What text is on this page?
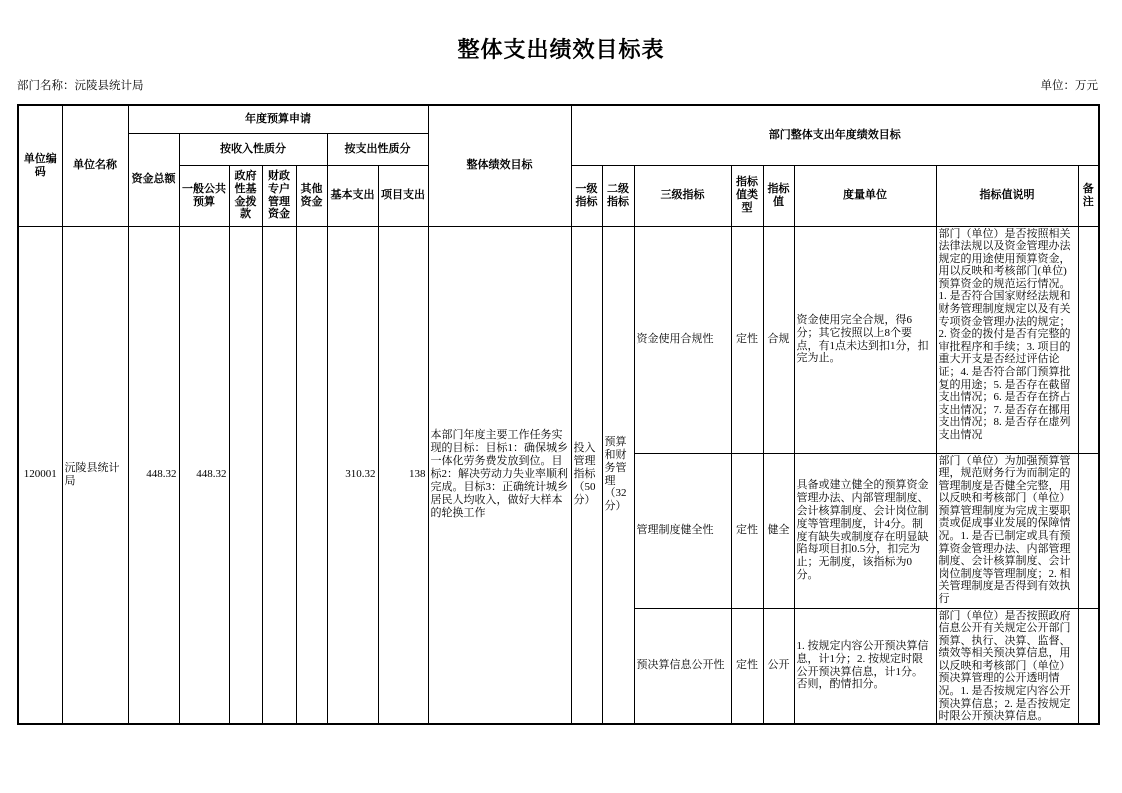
整体支出绩效目标表
部门名称：沅陵县统计局	单位：万元
单位编码	单位名称	年度预算申请							整体绩效目标	部门整体支出年度绩效目标							
		资金总额	按收入性质分				按支出性质分										
			一般公共预算	政府性基金拨款	财政专户管理资金	其他资金	基本支出	项目支出		一级指标	二级指标	三级指标	指标值类型	指标值	度量单位	指标值说明	备注
120001	沅陵县统计局	448.32	448.32				310.32	138	本部门年度主要工作任务实现的目标：目标1：确保城乡一体化劳务费发放到位。目标2：解决劳动力失业率顺利完成。目标3：正确统计城乡居民人均收入，做好大样本的轮换工作	投入管理指标（50分）	预算和财务管理（32分）	资金使用合规性	定性	合规	资金使用完全合规，得6分；其它按照以上8个要点，有1点未达到扣1分，扣完为止。	部门（单位）是否按照相关法律法规以及资金管理办法规定的用途使用预算资金，用以反映和考核部门(单位)预算资金的规范运行情况。1. 是否符合国家财经法规和财务管理制度规定以及有关专项资金管理办法的规定；2. 资金的拨付是否有完整的审批程序和手续；3. 项目的重大开支是否经过评估论证；4. 是否符合部门预算批复的用途；5. 是否存在截留支出情况；6. 是否存在挤占支出情况；7. 是否存在挪用支出情况；8. 是否存在虚列支出情况	

												管理制度健全性	定性	健全	具备或建立健全的预算资金管理办法、内部管理制度、会计核算制度、会计岗位制度等管理制度，计4分。制度有缺失或制度存在明显缺陷每项目扣0.5分，扣完为止；无制度，该指标为0分。	部门（单位）为加强预算管理，规范财务行为而制定的管理制度是否健全完整，用以反映和考核部门（单位）预算管理制度为完成主要职责或促成事业发展的保障情况。1. 是否已制定或具有预算资金管理办法、内部管理制度、会计核算制度、会计岗位制度等管理制度；2. 相关管理制度是否得到有效执行	

												预决算信息公开性	定性	公开	1. 按规定内容公开预决算信息，计1分；2. 按规定时限公开预决算信息，计1分。否则，酌情扣分。	部门（单位）是否按照政府信息公开有关规定公开部门预算、执行、决算、监督、绩效等相关预决算信息，用以反映和考核部门（单位）预决算管理的公开透明情况。1. 是否按规定内容公开预决算信息；2. 是否按规定时限公开预决算信息。	
